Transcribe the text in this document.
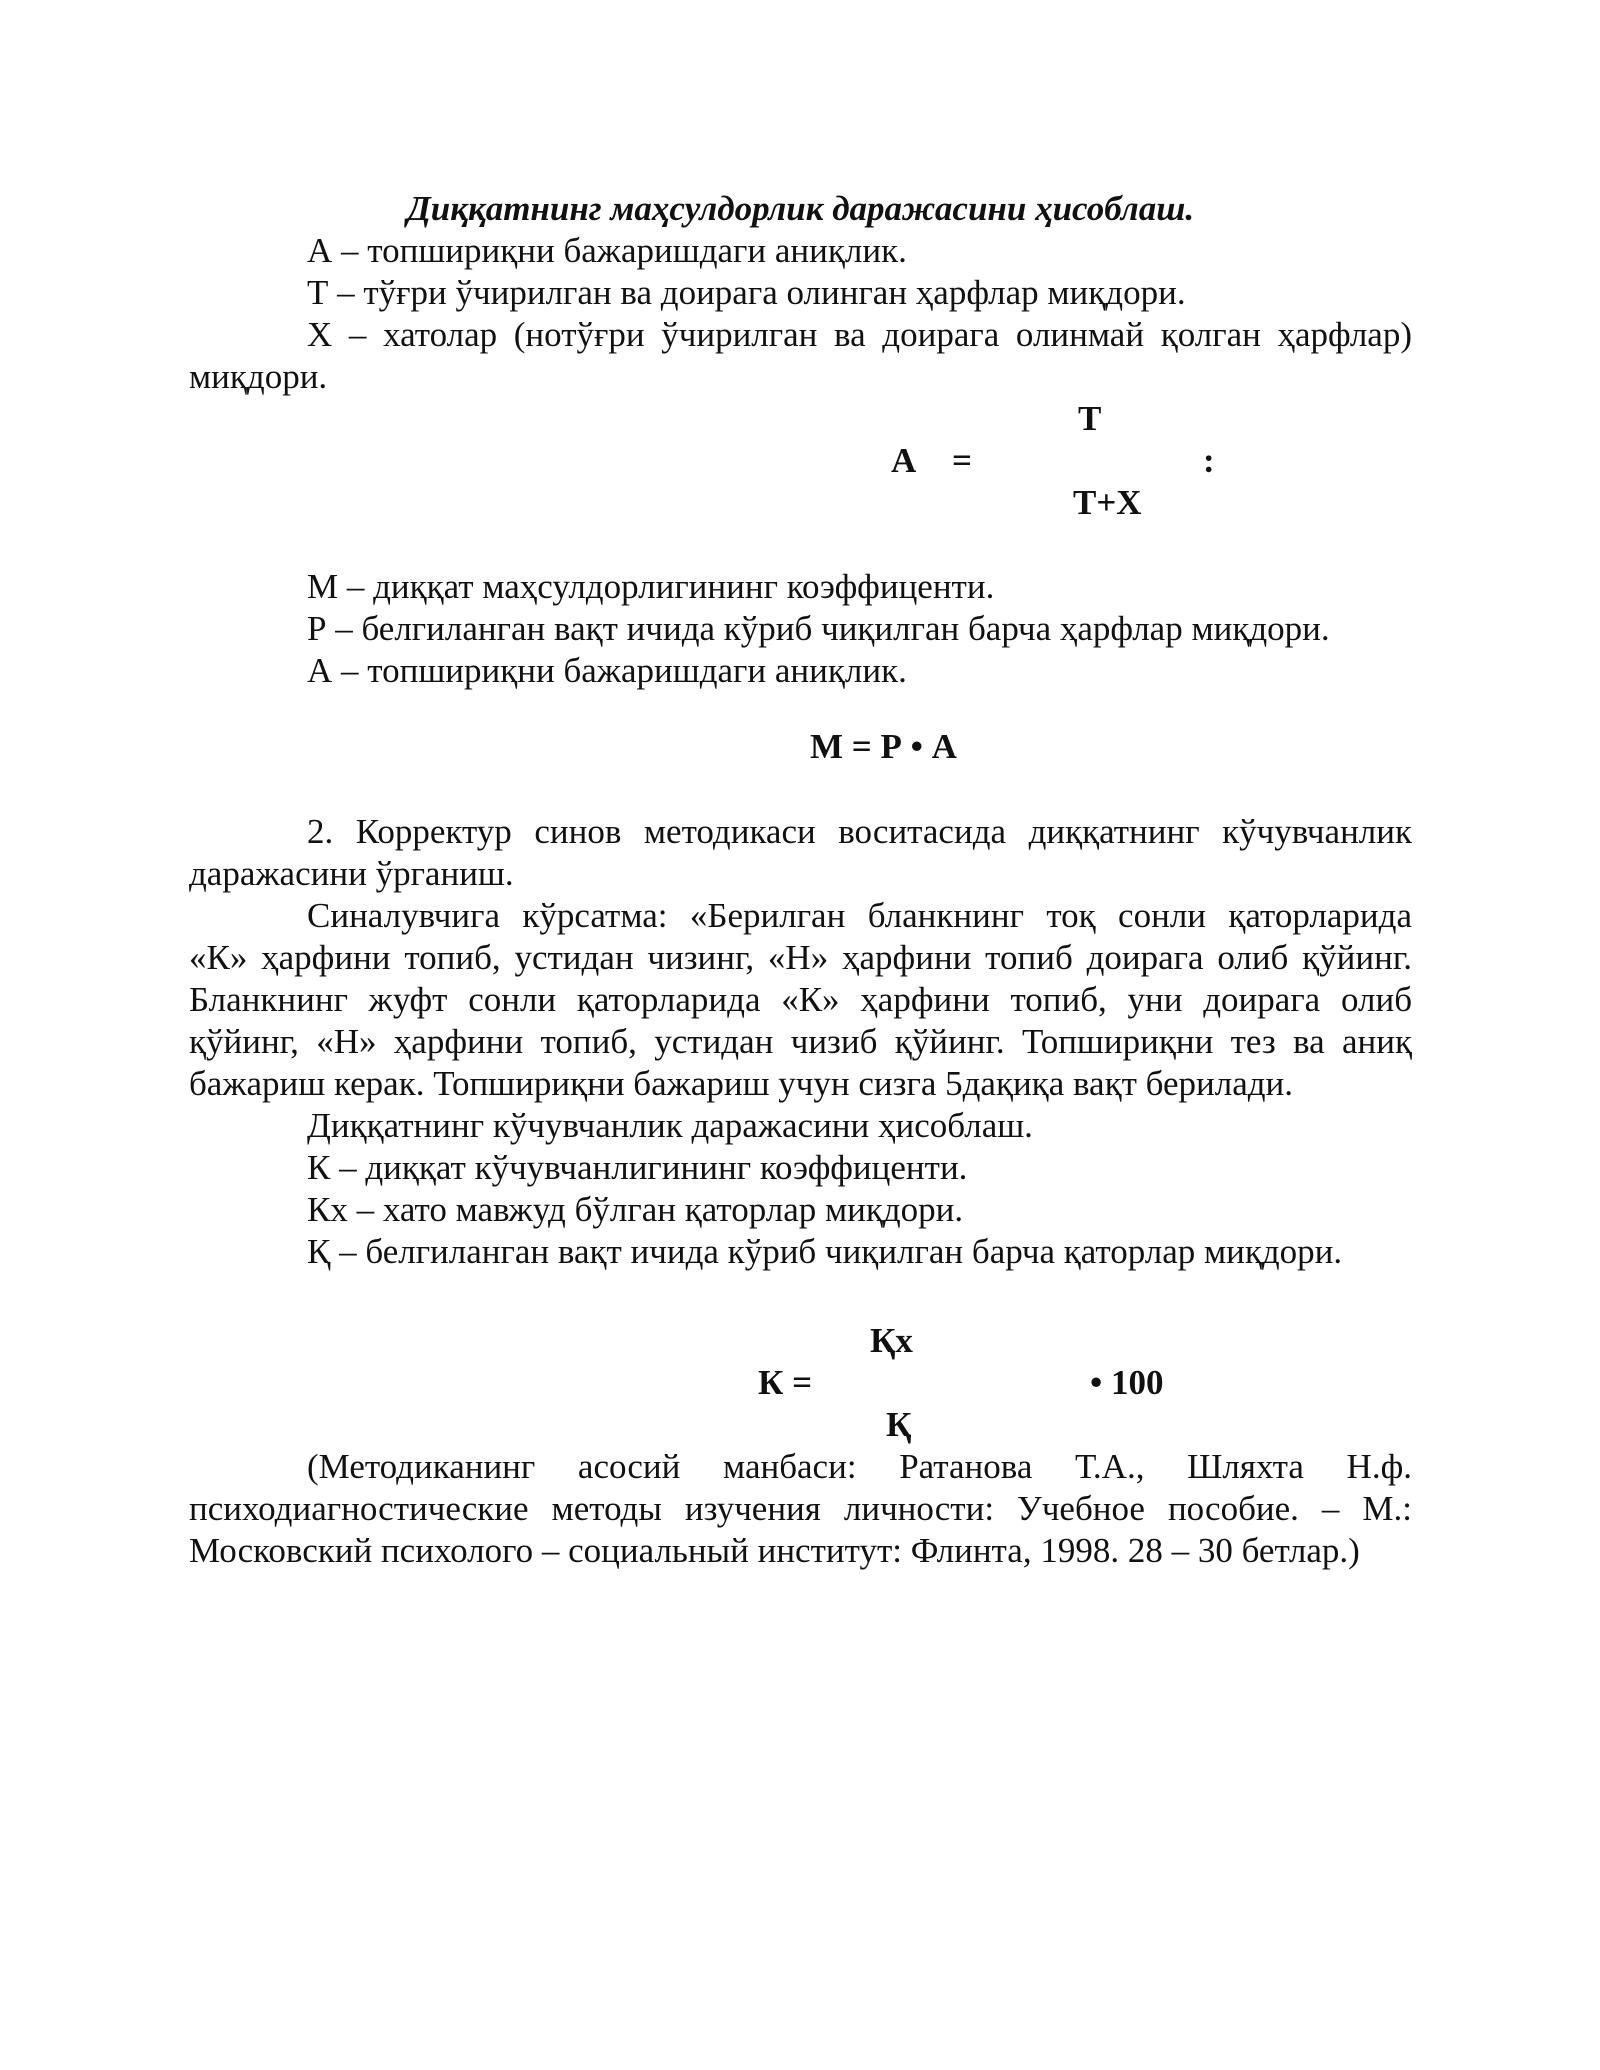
Диққатнинг маҳсулдорлик даражасини ҳисоблаш.

А – топшириқни бажаришдаги аниқлик.

Т – тўғри ўчирилган ва доирага олинган ҳарфлар миқдори.

Х – хатолар (нотўғри ўчирилган ва доирага олинмай қолган ҳарфлар)

миқдори.

Т

А =	:

Т+Х

М – диққат маҳсулдорлигининг коэффиценти.

Р – белгиланган вақт ичида кўриб чиқилган барча ҳарфлар миқдори.

А – топшириқни бажаришдаги аниқлик.

М = Р • А

2. Корректур синов методикаси воситасида диққатнинг кўчувчанлик

даражасини ўрганиш.

Синалувчига кўрсатма: «Берилган бланкнинг тоқ сонли қаторларида

«К» ҳарфини топиб, устидан чизинг, «Н» ҳарфини топиб доирага олиб қўйинг.

Бланкнинг жуфт сонли қаторларида «К» ҳарфини топиб, уни доирага олиб

қўйинг, «Н» ҳарфини топиб, устидан чизиб қўйинг. Топшириқни тез ва аниқ

бажариш керак. Топшириқни бажариш учун сизга 5дақиқа вақт берилади.

Диққатнинг кўчувчанлик даражасини ҳисоблаш.

К – диққат кўчувчанлигининг коэффиценти.

Кх – хато мавжуд бўлган қаторлар миқдори.

Қ – белгиланган вақт ичида кўриб чиқилган барча қаторлар миқдори.

Қх

К =	• 100

Қ

(Методиканинг асосий манбаси: Ратанова Т.А., Шляхта Н.ф.

психодиагностические методы изучения личности: Учебное пособие. – М.:

Московский психолого – социальный институт: Флинта, 1998. 28 – 30 бетлар.)
